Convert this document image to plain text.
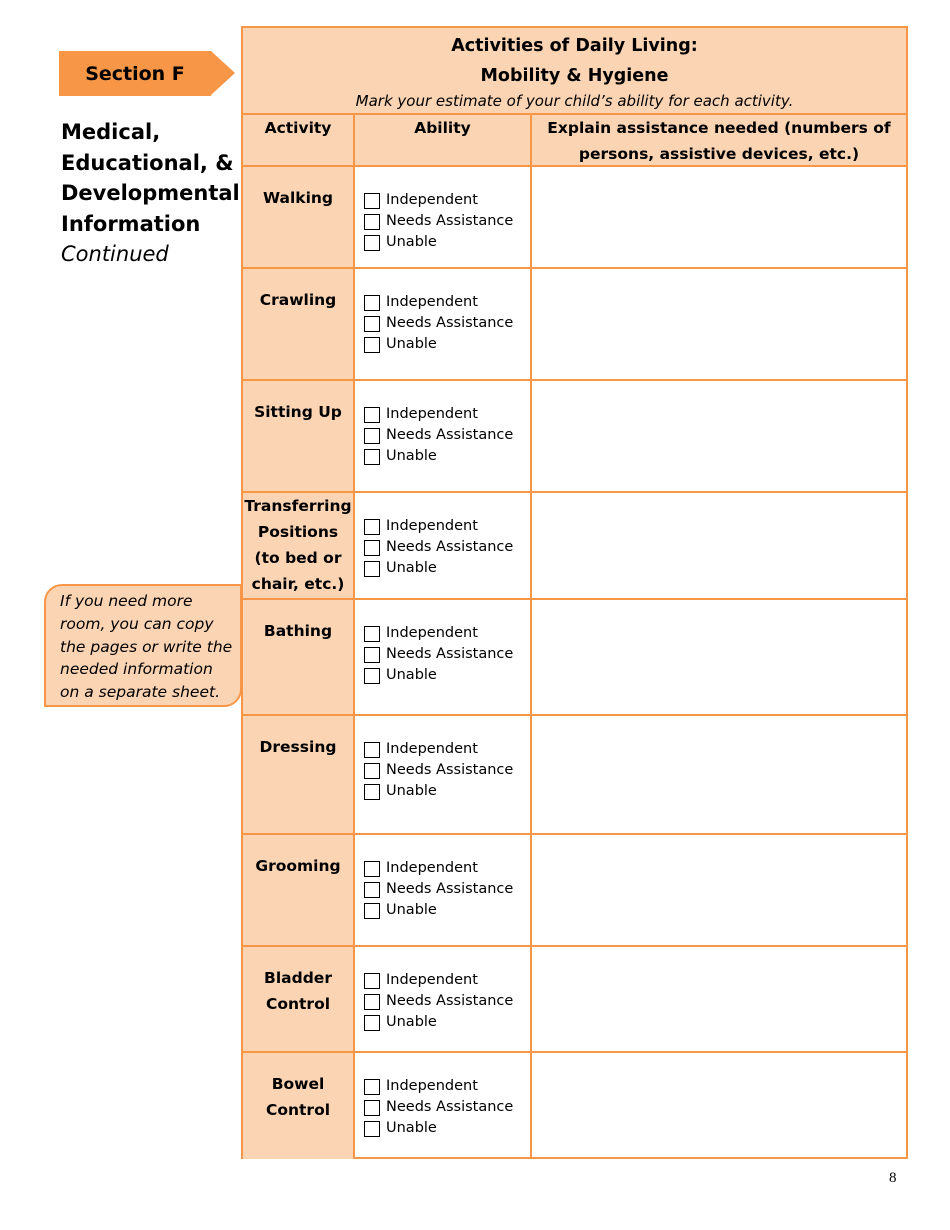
Section F
Medical,
Educational, &
Developmental
Information
Continued
If you need more room, you can copy the pages or write the needed information on a separate sheet.
Activities of Daily Living:
Mobility & Hygiene
Mark your estimate of your child’s ability for each activity.
Activity	Ability	Explain assistance needed (numbers of persons, assistive devices, etc.)
Walking	Independent
Needs Assistance
Unable
Crawling	Independent
Needs Assistance
Unable
Sitting Up	Independent
Needs Assistance
Unable
Transferring Positions (to bed or chair, etc.)
Independent
Needs Assistance
Unable
Bathing	Independent
Needs Assistance
Unable
Dressing	Independent
Needs Assistance
Unable
Grooming	Independent
Needs Assistance
Unable
Bladder Control
Independent
Needs Assistance
Unable
Bowel Control
Independent
Needs Assistance
Unable
8
